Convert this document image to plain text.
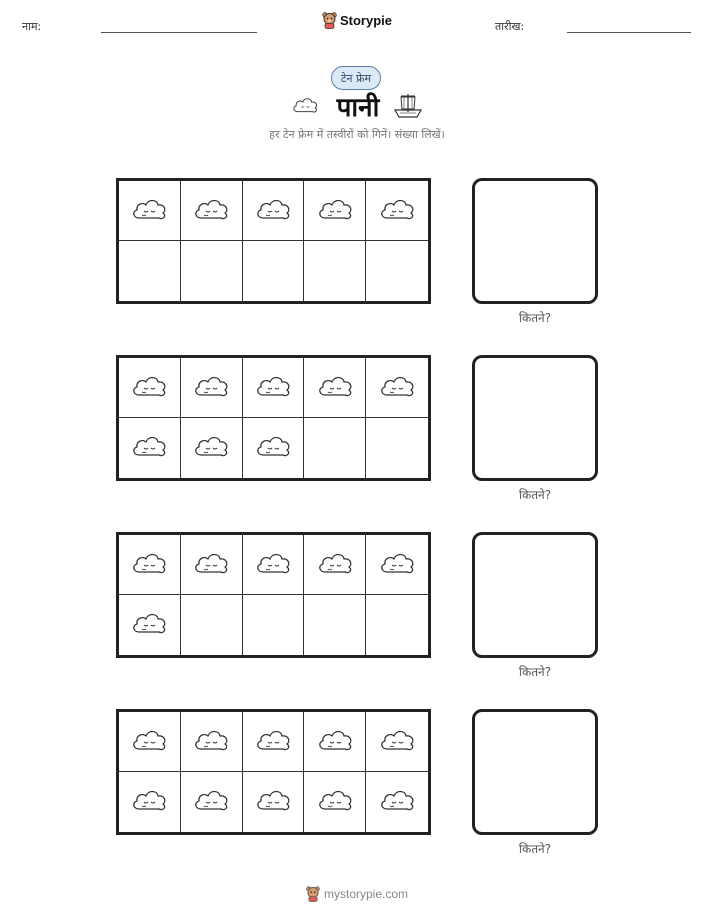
नाम:	Storypie	तारीख:
टेन फ्रेम
पानी
हर टेन फ्रेम में तस्वीरों को गिनें। संख्या लिखें।
कितने?
कितने?
कितने?
कितने?
mystorypie.com
